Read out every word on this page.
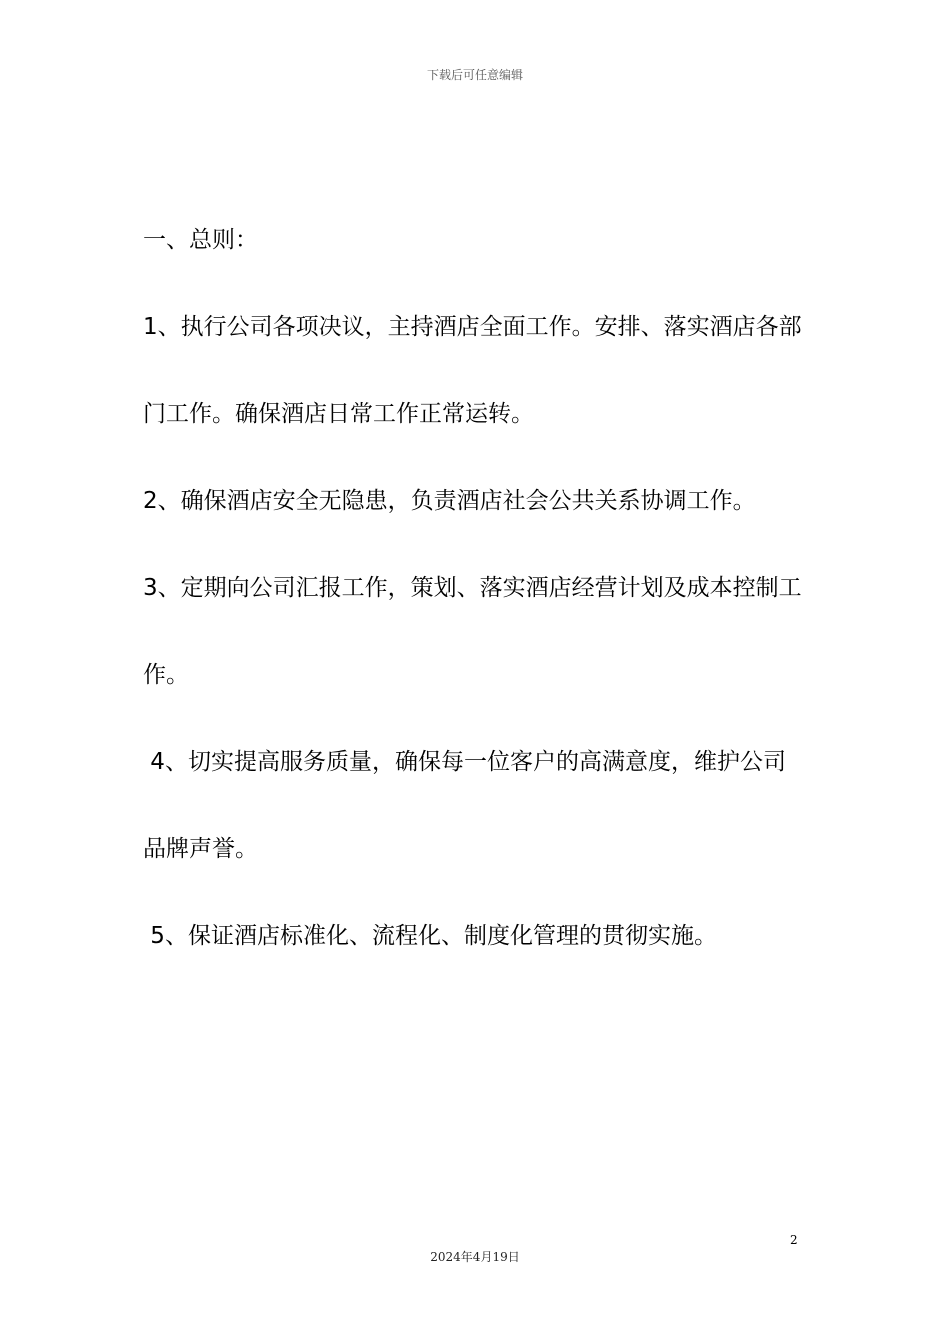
下载后可任意编辑

一、总则：

1、执行公司各项决议，主持酒店全面工作。安排、落实酒店各部

门工作。确保酒店日常工作正常运转。

2、确保酒店安全无隐患，负责酒店社会公共关系协调工作。

3、定期向公司汇报工作，策划、落实酒店经营计划及成本控制工

作。

4、切实提高服务质量，确保每一位客户的高满意度，维护公司

品牌声誉。

5、保证酒店标准化、流程化、制度化管理的贯彻实施。

2
2024年4月19日
